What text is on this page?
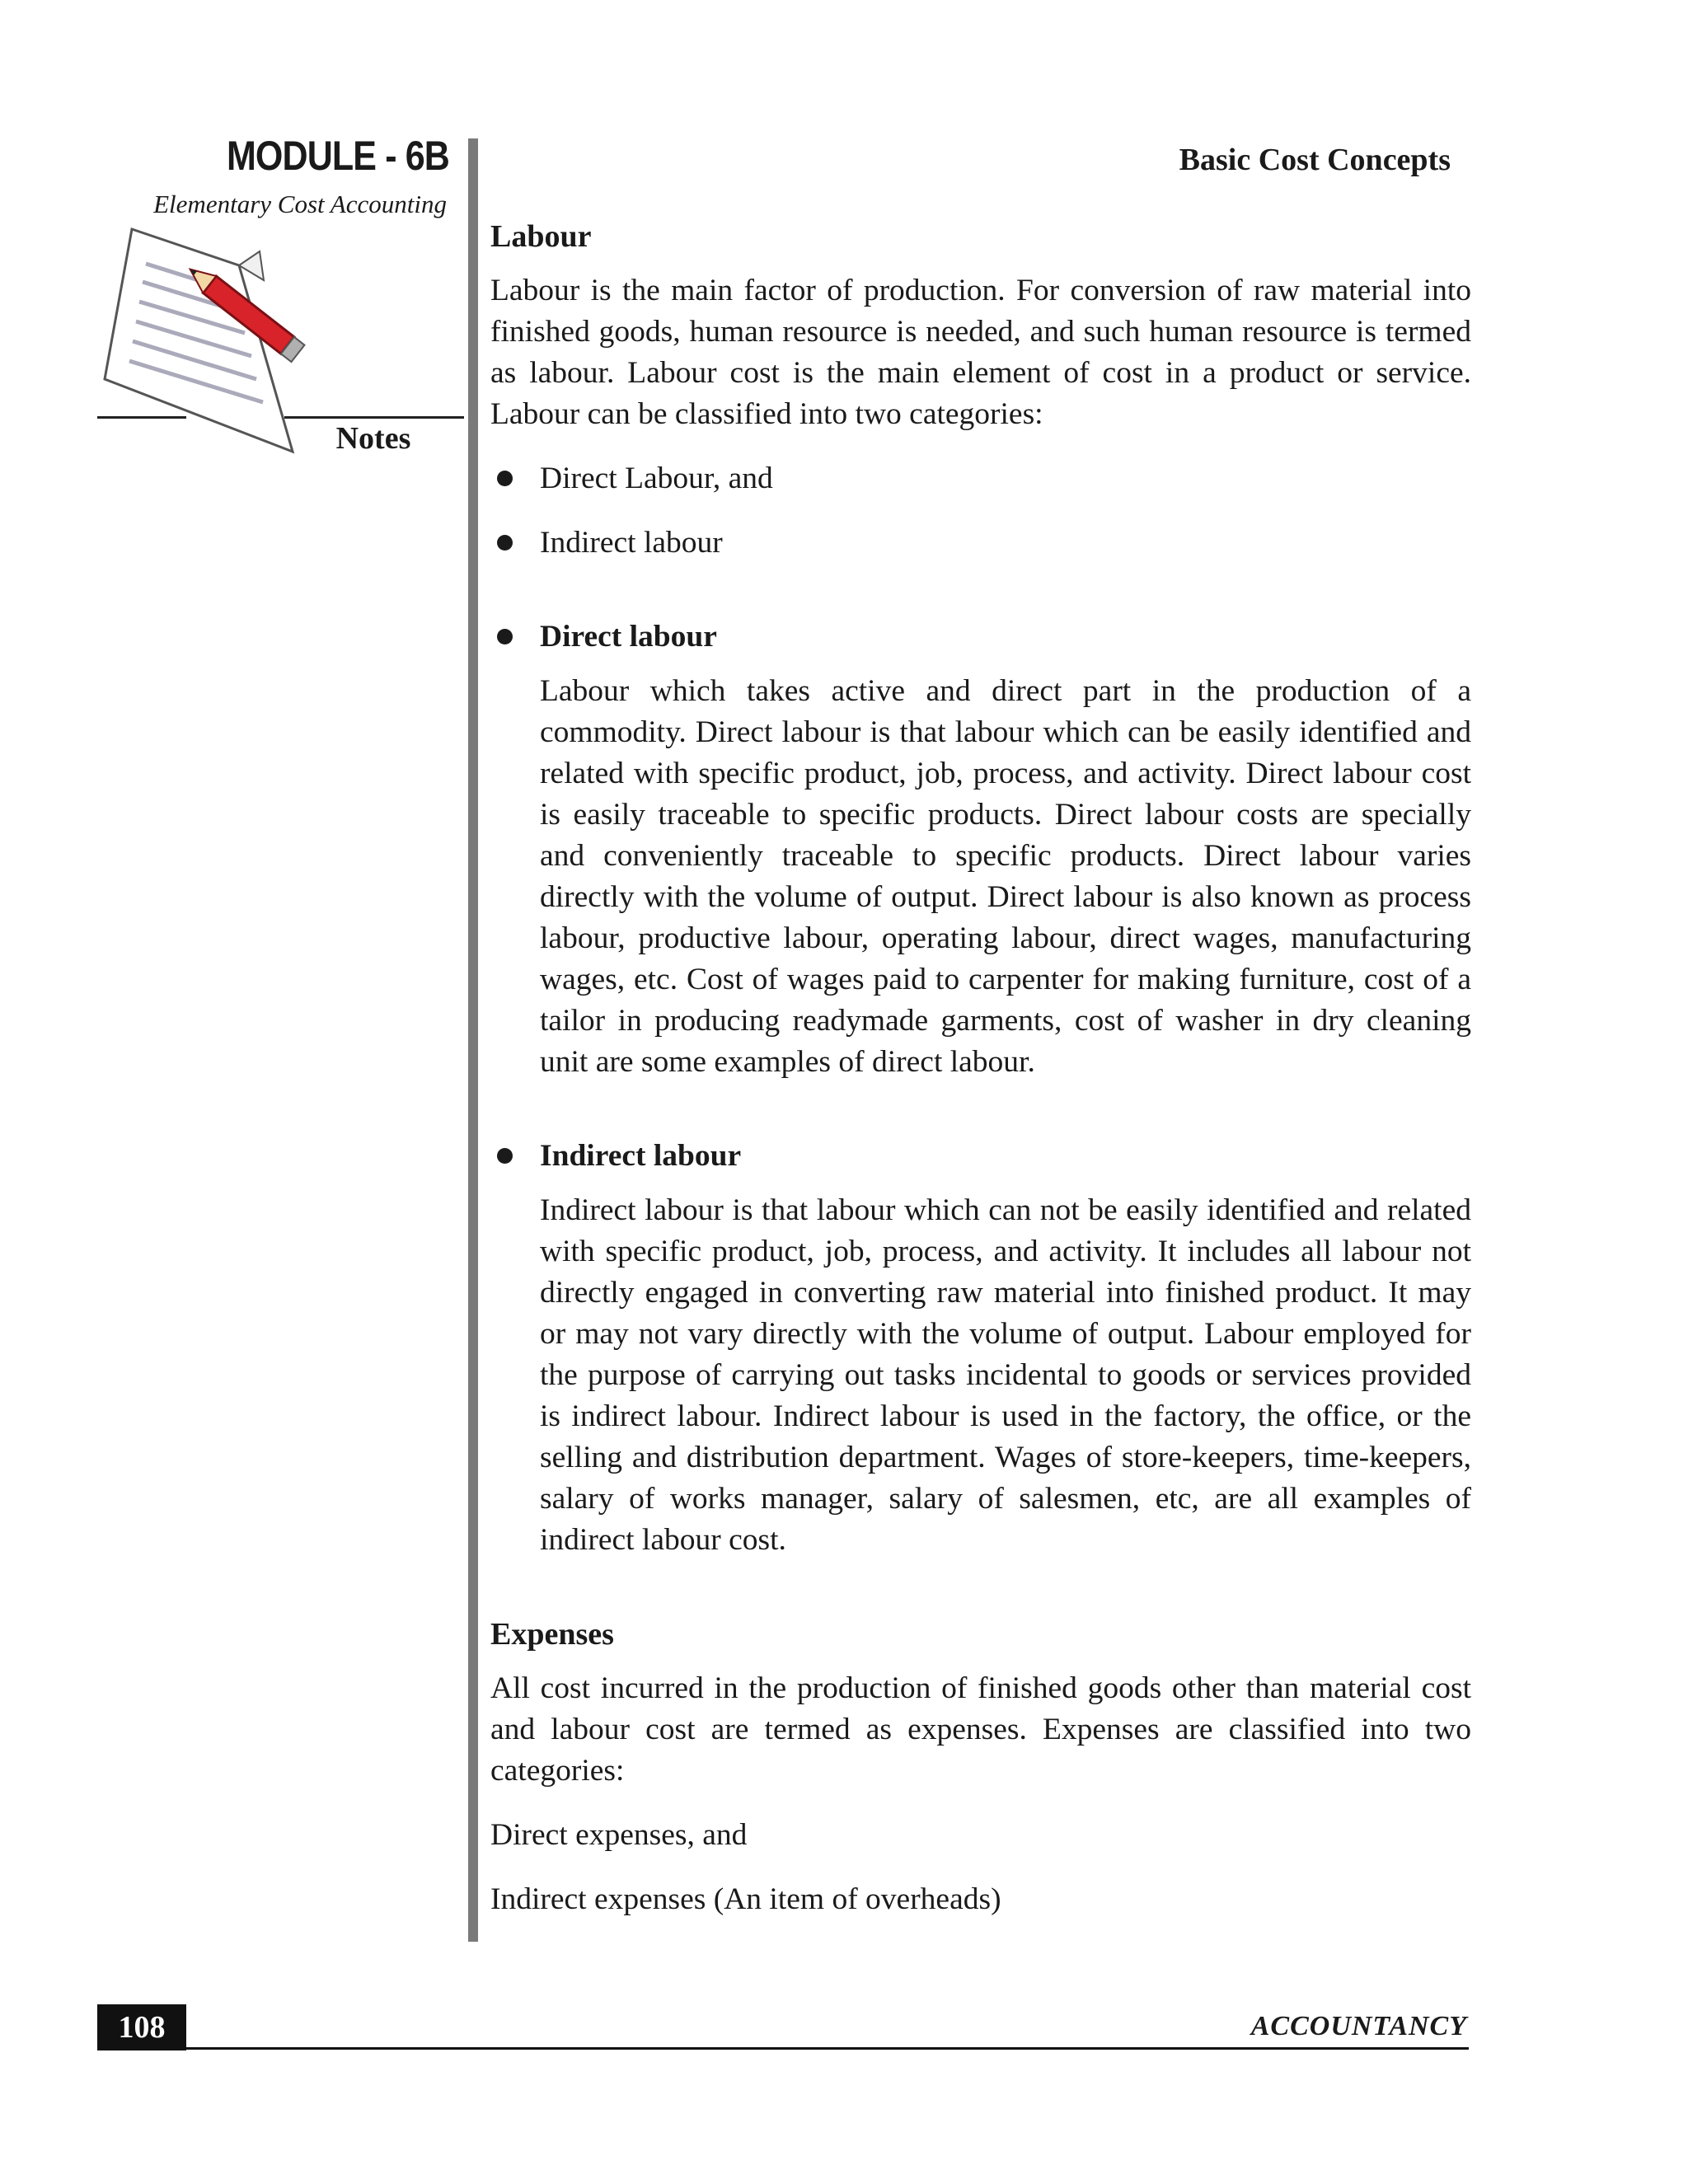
MODULE - 6B
Elementary Cost Accounting
Notes
Basic Cost Concepts

Labour

Labour is the main factor of production. For conversion of raw material into finished goods, human resource is needed, and such human resource is termed as labour. Labour cost is the main element of cost in a product or service. Labour can be classified into two categories:

Direct Labour, and

Indirect labour

Direct labour

Labour which takes active and direct part in the production of a commodity. Direct labour is that labour which can be easily identified and related with specific product, job, process, and activity. Direct labour cost is easily traceable to specific products. Direct labour costs are specially and conveniently traceable to specific products. Direct labour varies directly with the volume of output. Direct labour is also known as process labour, productive labour, operating labour, direct wages, manufacturing wages, etc. Cost of wages paid to carpenter for making furniture, cost of a tailor in producing readymade garments, cost of washer in dry cleaning unit are some examples of direct labour.

Indirect labour

Indirect labour is that labour which can not be easily identified and related with specific product, job, process, and activity. It includes all labour not directly engaged in converting raw material into finished product. It may or may not vary directly with the volume of output. Labour employed for the purpose of carrying out tasks incidental to goods or services provided is indirect labour. Indirect labour is used in the factory, the office, or the selling and distribution department. Wages of store-keepers, time-keepers, salary of works manager, salary of salesmen, etc, are all examples of indirect labour cost.

Expenses

All cost incurred in the production of finished goods other than material cost and labour cost are termed as expenses. Expenses are classified into two categories:

Direct expenses, and

Indirect expenses (An item of overheads)

108	ACCOUNTANCY
